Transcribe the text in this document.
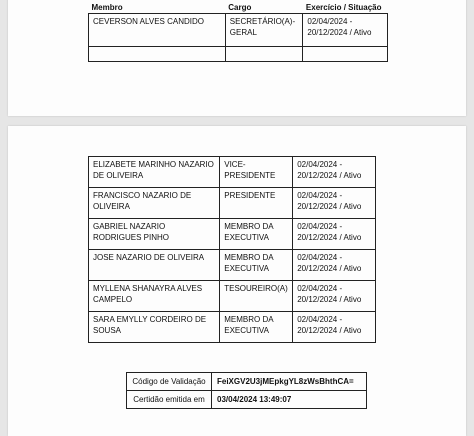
Membro	Cargo	Exercício / Situação
CEVERSON ALVES CANDIDO	SECRETÁRIO(A)-GERAL	02/04/2024 - 20/12/2024 / Ativo

ELIZABETE MARINHO NAZARIO DE OLIVEIRA	VICE-PRESIDENTE	02/04/2024 - 20/12/2024 / Ativo
FRANCISCO NAZARIO DE OLIVEIRA	PRESIDENTE	02/04/2024 - 20/12/2024 / Ativo
GABRIEL NAZARIO RODRIGUES PINHO	MEMBRO DA EXECUTIVA	02/04/2024 - 20/12/2024 / Ativo
JOSE NAZARIO DE OLIVEIRA	MEMBRO DA EXECUTIVA	02/04/2024 - 20/12/2024 / Ativo
MYLLENA SHANAYRA ALVES CAMPELO	TESOUREIRO(A)	02/04/2024 - 20/12/2024 / Ativo
SARA EMYLLY CORDEIRO DE SOUSA	MEMBRO DA EXECUTIVA	02/04/2024 - 20/12/2024 / Ativo
Código de Validação	FeiXGV2U3jMEpkgYL8zWsBhthCA=
Certidão emitida em	03/04/2024 13:49:07
